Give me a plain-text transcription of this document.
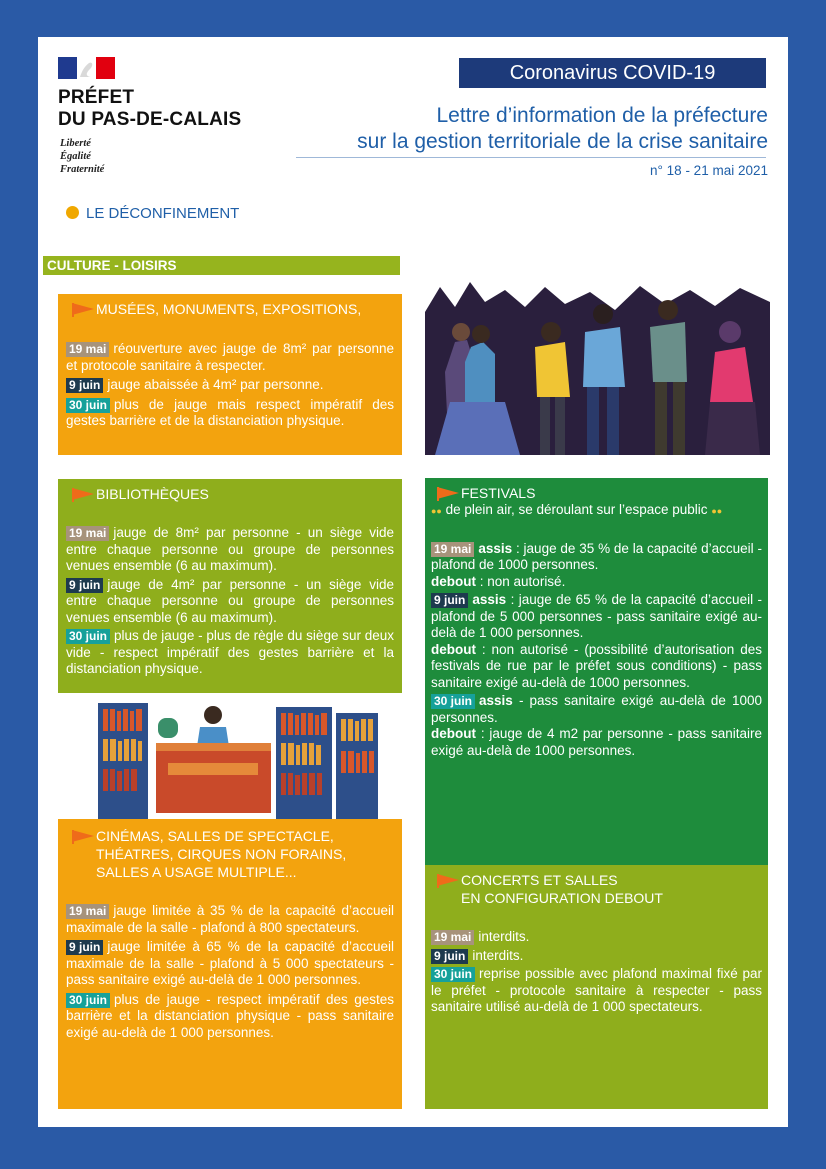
PRÉFET
DU PAS-DE-CALAIS
Liberté
Égalité
Fraternité
Coronavirus COVID-19
Lettre d’information de la préfecture
sur la gestion territoriale de la crise sanitaire
n° 18 - 21 mai 2021
LE DÉCONFINEMENT
CULTURE - LOISIRS
MUSÉES, MONUMENTS, EXPOSITIONS,

19 mai réouverture avec jauge de 8m² par personne et protocole sanitaire à respecter.

9 juin jauge abaissée à 4m² par personne.

30 juin plus de jauge mais respect impératif des gestes barrière et de la distanciation physique.

BIBLIOTHÈQUES

19 mai jauge de 8m² par personne - un siège vide entre chaque personne ou groupe de personnes venues ensemble (6 au maximum).

9 juin jauge de 4m² par personne - un siège vide entre chaque personne ou groupe de personnes venues ensemble (6 au maximum).

30 juin plus de jauge - plus de règle du siège sur deux vide - respect impératif des gestes barrière et la distanciation physique.

CINÉMAS, SALLES DE SPECTACLE,
THÉATRES, CIRQUES NON FORAINS,
SALLES A USAGE MULTIPLE...

19 mai jauge limitée à 35 % de la capacité d’accueil maximale de la salle - plafond à 800 spectateurs.

9 juin jauge limitée à 65 % de la capacité d’accueil maximale de la salle - plafond à 5 000 spectateurs - pass sanitaire exigé au-delà de 1 000 personnes.

30 juin plus de jauge - respect impératif des gestes barrière et la distanciation physique - pass sanitaire exigé au-delà de 1 000 personnes.

FESTIVALS

●● de plein air, se déroulant sur l’espace public ●●

19 mai assis : jauge de 35 % de la capacité d’accueil - plafond de 1000 personnes.

debout : non autorisé.

9 juin assis : jauge de 65 % de la capacité d’accueil - plafond de 5 000 personnes - pass sanitaire exigé au-delà de 1 000 personnes.

debout : non autorisé - (possibilité d’autorisation des festivals de rue par le préfet sous conditions) - pass sanitaire exigé au-delà de 1000 personnes.

30 juin assis - pass sanitaire exigé au-delà de 1000 personnes.

debout : jauge de 4 m2 par personne - pass sanitaire exigé au-delà de 1000 personnes.

CONCERTS ET SALLES
EN CONFIGURATION DEBOUT

19 mai interdits.

9 juin interdits.

30 juin reprise possible avec plafond maximal fixé par le préfet - protocole sanitaire à respecter - pass sanitaire utilisé au-delà de 1 000 spectateurs.
